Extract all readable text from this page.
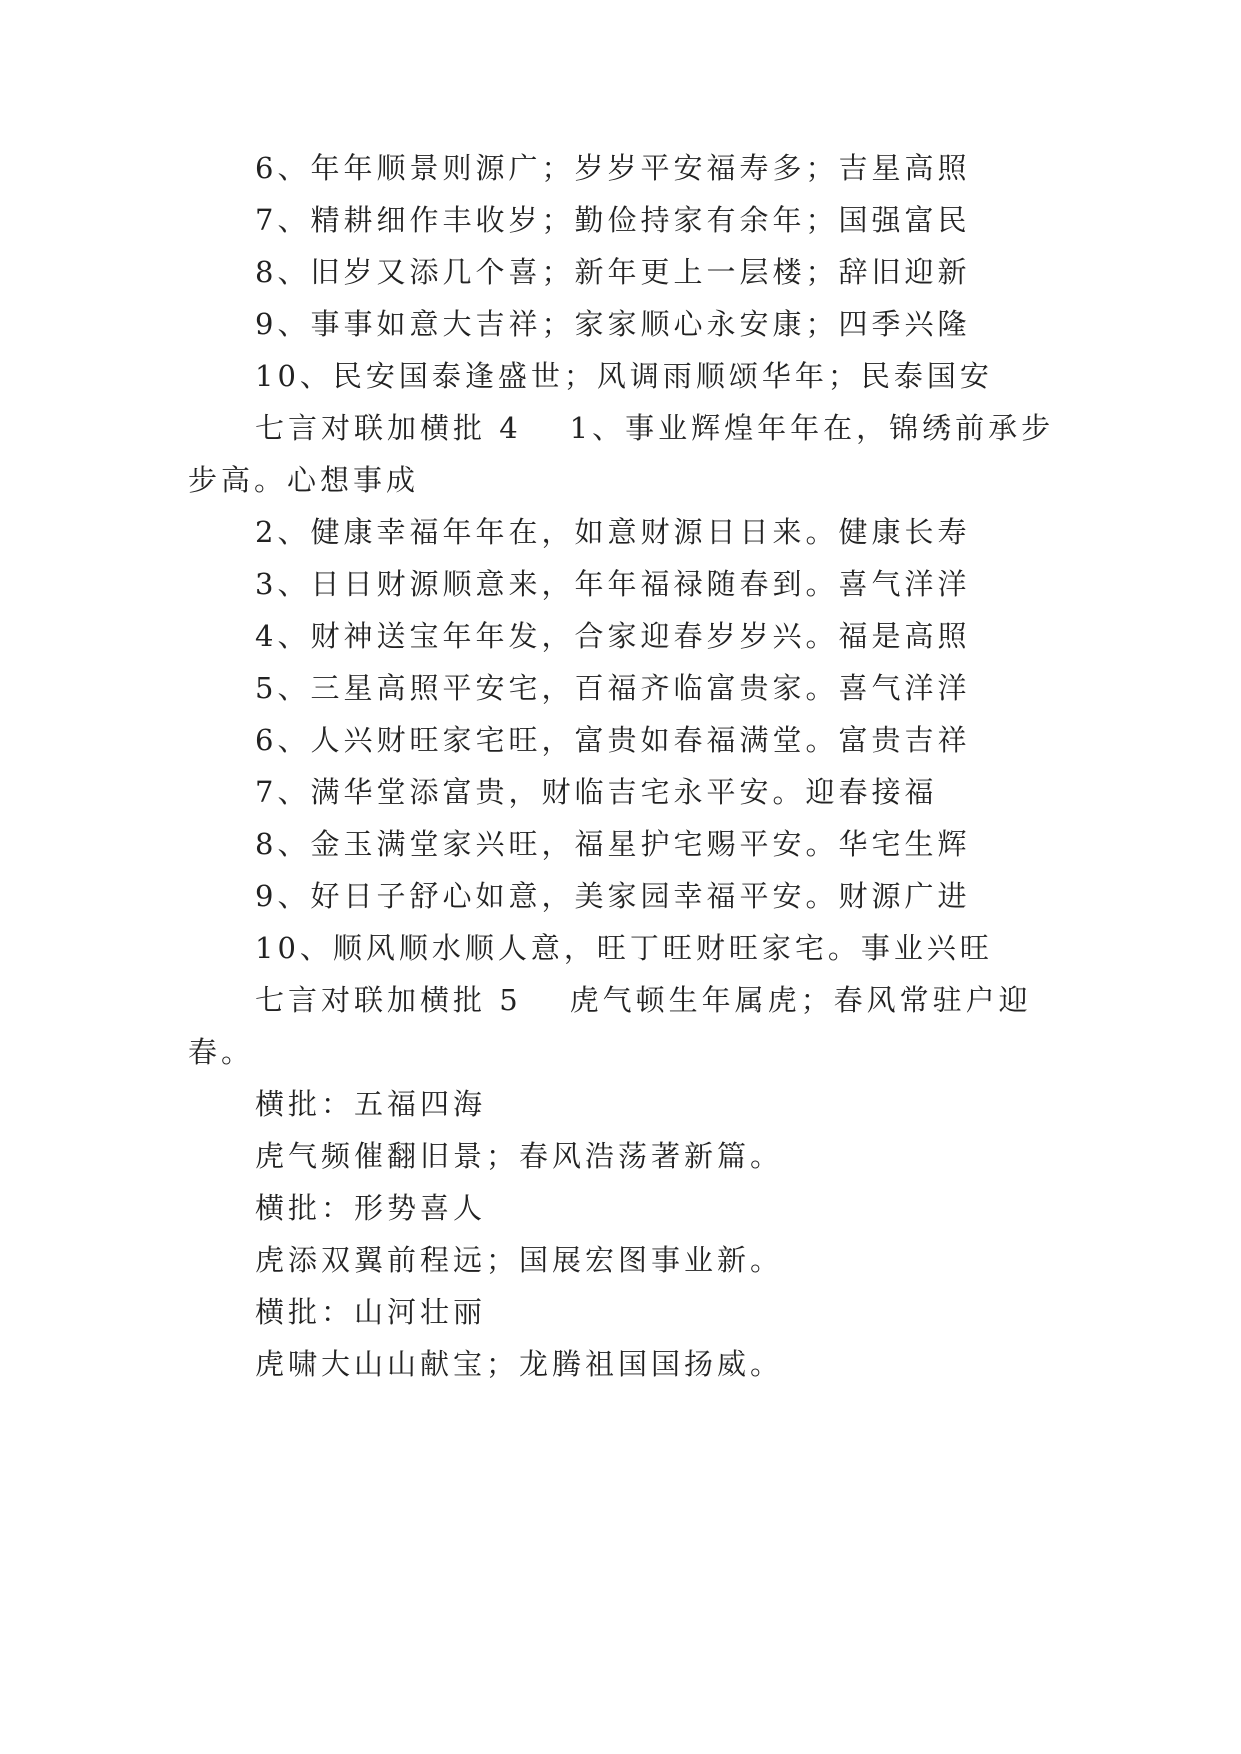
6、年年顺景则源广；岁岁平安福寿多；吉星高照
7、精耕细作丰收岁；勤俭持家有余年；国强富民
8、旧岁又添几个喜；新年更上一层楼；辞旧迎新
9、事事如意大吉祥；家家顺心永安康；四季兴隆
10、民安国泰逢盛世；风调雨顺颂华年；民泰国安
七言对联加横批 4 1、事业辉煌年年在，锦绣前承步
步高。心想事成
2、健康幸福年年在，如意财源日日来。健康长寿
3、日日财源顺意来，年年福禄随春到。喜气洋洋
4、财神送宝年年发，合家迎春岁岁兴。福是高照
5、三星高照平安宅，百福齐临富贵家。喜气洋洋
6、人兴财旺家宅旺，富贵如春福满堂。富贵吉祥
7、满华堂添富贵，财临吉宅永平安。迎春接福
8、金玉满堂家兴旺，福星护宅赐平安。华宅生辉
9、好日子舒心如意，美家园幸福平安。财源广进
10、顺风顺水顺人意，旺丁旺财旺家宅。事业兴旺
七言对联加横批 5 虎气顿生年属虎；春风常驻户迎
春。
横批：五福四海
虎气频催翻旧景；春风浩荡著新篇。
横批：形势喜人
虎添双翼前程远；国展宏图事业新。
横批：山河壮丽
虎啸大山山献宝；龙腾祖国国扬威。
